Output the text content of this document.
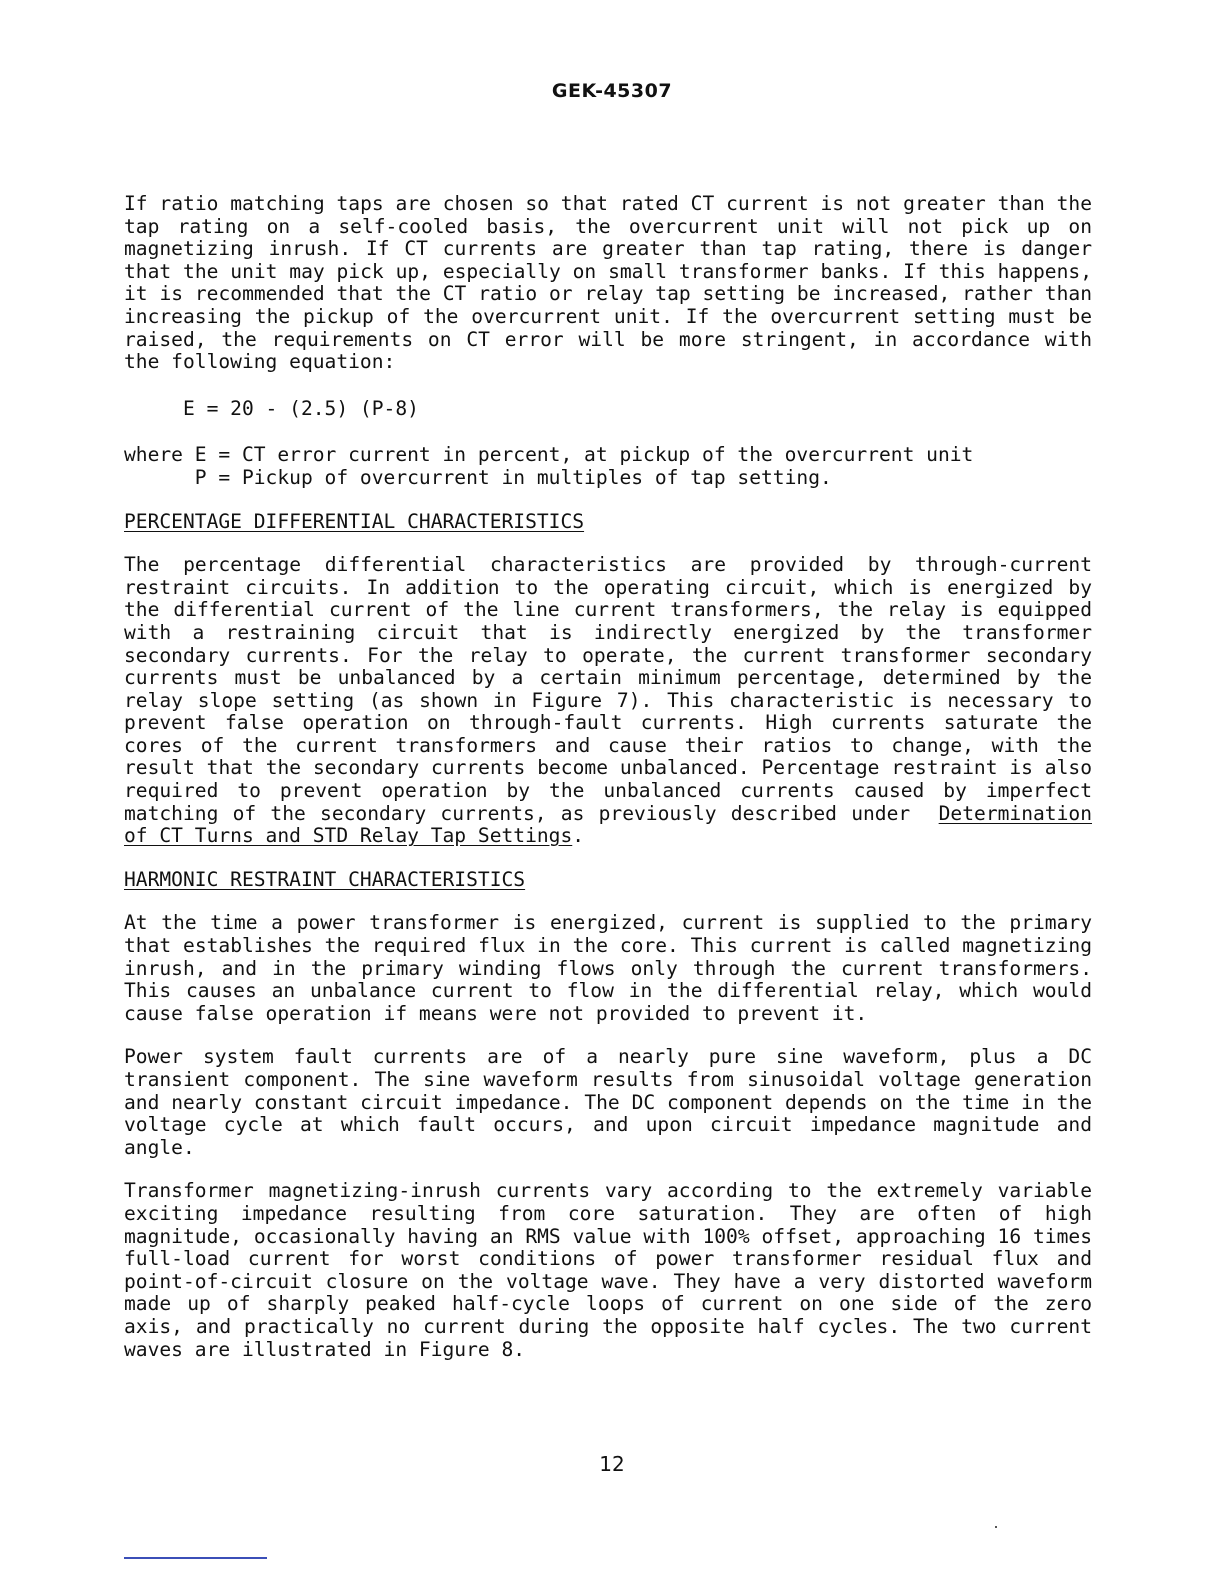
GEK-45307

If ratio matching taps are chosen so that rated CT current is not greater than the tap rating on a self-cooled basis, the overcurrent unit will not pick up on magnetizing inrush. If CT currents are greater than tap rating, there is danger that the unit may pick up, especially on small transformer banks. If this happens, it is recommended that the CT ratio or relay tap setting be increased, rather than increasing the pickup of the overcurrent unit. If the overcurrent setting must be raised, the requirements on CT error will be more stringent, in accordance with the following equation:

E = 20 - (2.5) (P-8)

where E = CT error current in percent, at pickup of the overcurrent unit

P = Pickup of overcurrent in multiples of tap setting.

PERCENTAGE DIFFERENTIAL CHARACTERISTICS

The percentage differential characteristics are provided by through-current restraint circuits. In addition to the operating circuit, which is energized by the differential current of the line current transformers, the relay is equipped with a restraining circuit that is indirectly energized by the transformer secondary currents. For the relay to operate, the current transformer secondary currents must be unbalanced by a certain minimum percentage, determined by the relay slope setting (as shown in Figure 7). This characteristic is necessary to prevent false operation on through-fault currents. High currents saturate the cores of the current transformers and cause their ratios to change, with the result that the secondary currents become unbalanced. Percentage restraint is also required to prevent operation by the unbalanced currents caused by imperfect matching of the secondary currents, as previously described under Determination of CT Turns and STD Relay Tap Settings.

HARMONIC RESTRAINT CHARACTERISTICS

At the time a power transformer is energized, current is supplied to the primary that establishes the required flux in the core. This current is called magnetizing inrush, and in the primary winding flows only through the current transformers. This causes an unbalance current to flow in the differential relay, which would cause false operation if means were not provided to prevent it.

Power system fault currents are of a nearly pure sine waveform, plus a DC transient component. The sine waveform results from sinusoidal voltage generation and nearly constant circuit impedance. The DC component depends on the time in the voltage cycle at which fault occurs, and upon circuit impedance magnitude and angle.

Transformer magnetizing-inrush currents vary according to the extremely variable exciting impedance resulting from core saturation. They are often of high magnitude, occasionally having an RMS value with 100% offset, approaching 16 times full-load current for worst conditions of power transformer residual flux and point-of-circuit closure on the voltage wave. They have a very distorted waveform made up of sharply peaked half-cycle loops of current on one side of the zero axis, and practically no current during the opposite half cycles. The two current waves are illustrated in Figure 8.

12
